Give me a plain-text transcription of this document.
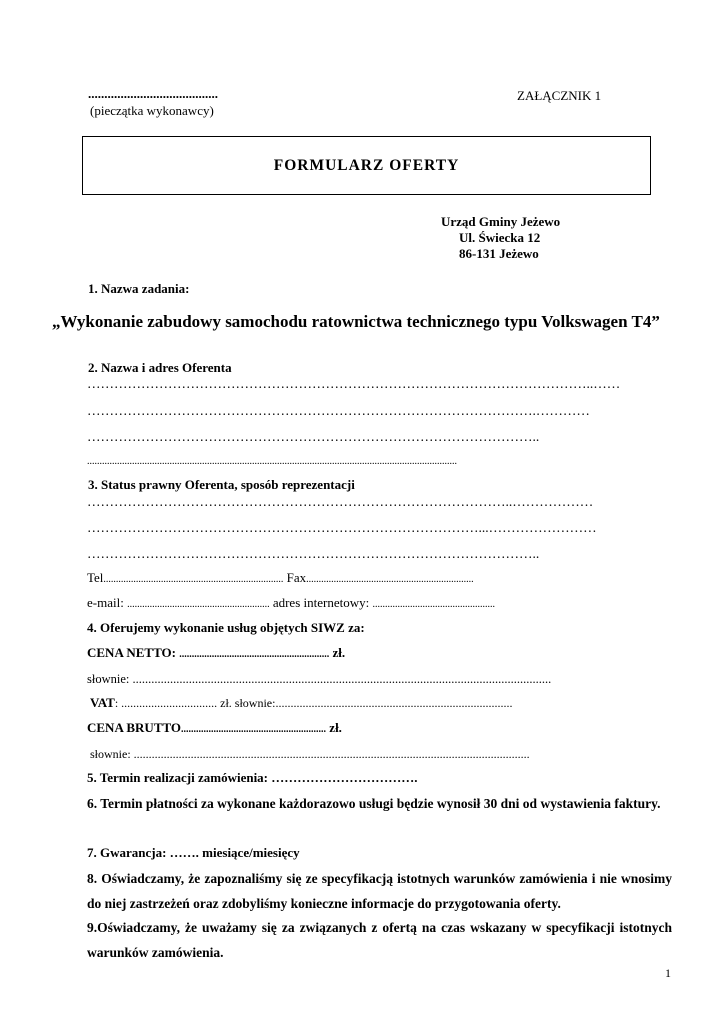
........................................
(pieczątka wykonawcy)
ZAŁĄCZNIK 1
FORMULARZ OFERTY
Urząd Gminy Jeżewo
Ul. Świecka 12
86-131 Jeżewo
1. Nazwa zadania:
„Wykonanie zabudowy samochodu ratownictwa technicznego typu Volkswagen T4”
2. Nazwa i adres Oferenta
…………………………………………………………………………………………………..……
……………………………………………………………………………………….…………
………………………………………………………………………………………..
....................................................................................................................................................
3. Status prawny Oferenta, sposób reprezentacji
…………………………………………………………………………………..………………
……………………………………………………………………………...……………………
………………………………………………………………………………………..
Tel........................................................................ Fax...................................................................
e-mail: ......................................................... adres internetowy: .................................................
4. Oferujemy wykonanie usług objętych SIWZ za:
CENA NETTO: ............................................................ zł.
słownie: ......................................................................................................................................
VAT: ................................ zł. słownie:...............................................................................
CENA BRUTTO.......................................................... zł.
słownie: ....................................................................................................................................
5. Termin realizacji zamówienia: …………………………….
6. Termin płatności za wykonane każdorazowo usługi będzie wynosił 30 dni od wystawienia faktury.
7. Gwarancja: ……. miesiące/miesięcy
8. Oświadczamy, że zapoznaliśmy się ze specyfikacją istotnych warunków zamówienia i nie wnosimy do niej zastrzeżeń oraz zdobyliśmy konieczne informacje do przygotowania oferty.
9.Oświadczamy, że uważamy się za związanych z ofertą na czas wskazany w specyfikacji istotnych warunków zamówienia.
1
